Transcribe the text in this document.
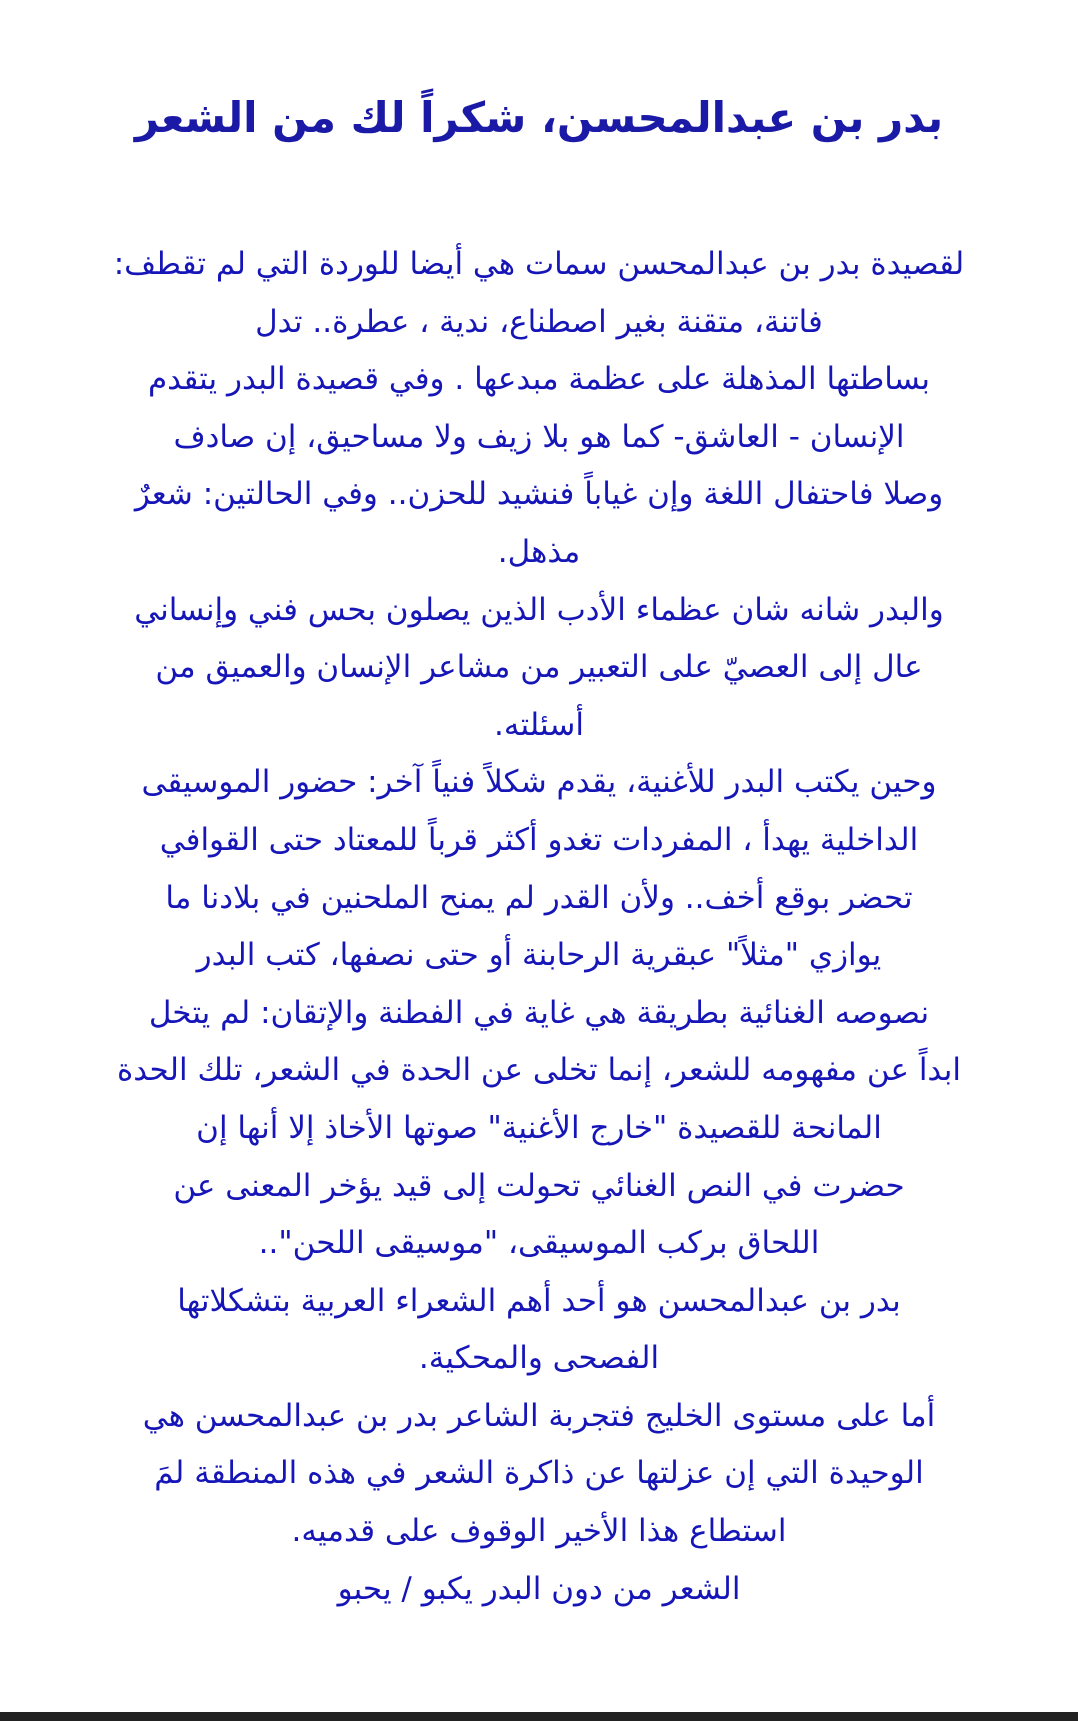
بدر بن عبدالمحسن، شكراً لك من الشعر
لقصيدة بدر بن عبدالمحسن سمات هي أيضا للوردة التي لم تقطف:
فاتنة، متقنة بغير اصطناع، ندية ، عطرة.. تدل
بساطتها المذهلة على عظمة مبدعها . وفي قصيدة البدر يتقدم
الإنسان - العاشق- كما هو بلا زيف ولا مساحيق، إن صادف
وصلا فاحتفال اللغة وإن غياباً فنشيد للحزن.. وفي الحالتين: شعرٌ
مذهل.
والبدر شانه شان عظماء الأدب الذين يصلون بحس فني وإنساني
عال إلى العصيّ على التعبير من مشاعر الإنسان والعميق من
أسئلته.
وحين يكتب البدر للأغنية، يقدم شكلاً فنياً آخر: حضور الموسيقى
الداخلية يهدأ ، المفردات تغدو أكثر قرباً للمعتاد حتى القوافي
تحضر بوقع أخف.. ولأن القدر لم يمنح الملحنين في بلادنا ما
يوازي "مثلاً" عبقرية الرحابنة أو حتى نصفها، كتب البدر
نصوصه الغنائية بطريقة هي غاية في الفطنة والإتقان: لم يتخل
ابداً عن مفهومه للشعر، إنما تخلى عن الحدة في الشعر، تلك الحدة
المانحة للقصيدة "خارج الأغنية" صوتها الأخاذ إلا أنها إن
حضرت في النص الغنائي تحولت إلى قيد يؤخر المعنى عن
اللحاق بركب الموسيقى، "موسيقى اللحن"..
بدر بن عبدالمحسن هو أحد أهم الشعراء العربية بتشكلاتها
الفصحى والمحكية.
أما على مستوى الخليج فتجربة الشاعر بدر بن عبدالمحسن هي
الوحيدة التي إن عزلتها عن ذاكرة الشعر في هذه المنطقة لمَ
استطاع هذا الأخير الوقوف على قدميه.
الشعر من دون البدر يكبو / يحبو
